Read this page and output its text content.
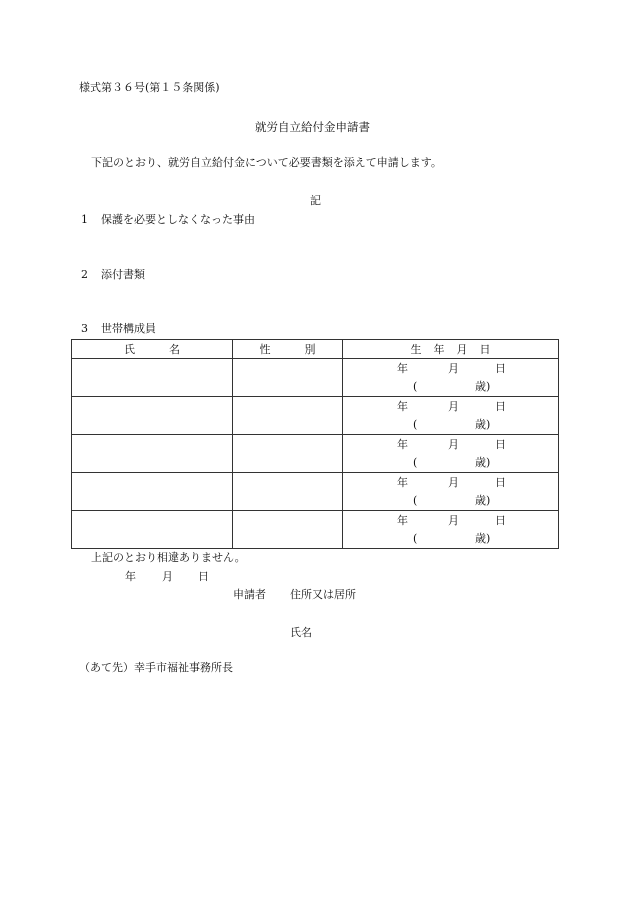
様式第３６号(第１５条関係)
就労自立給付金申請書
下記のとおり、就労自立給付金について必要書類を添えて申請します。
記
1 保護を必要としなくなった事由
2 添付書類
3 世帯構成員
氏 名	性 別	生 年 月 日

		年 月 日
( 歳)

		年 月 日
( 歳)

		年 月 日
( 歳)

		年 月 日
( 歳)

		年 月 日
( 歳)
上記のとおり相違ありません。
年 月 日
申請者 住所又は居所
氏名
（あて先）幸手市福祉事務所長
